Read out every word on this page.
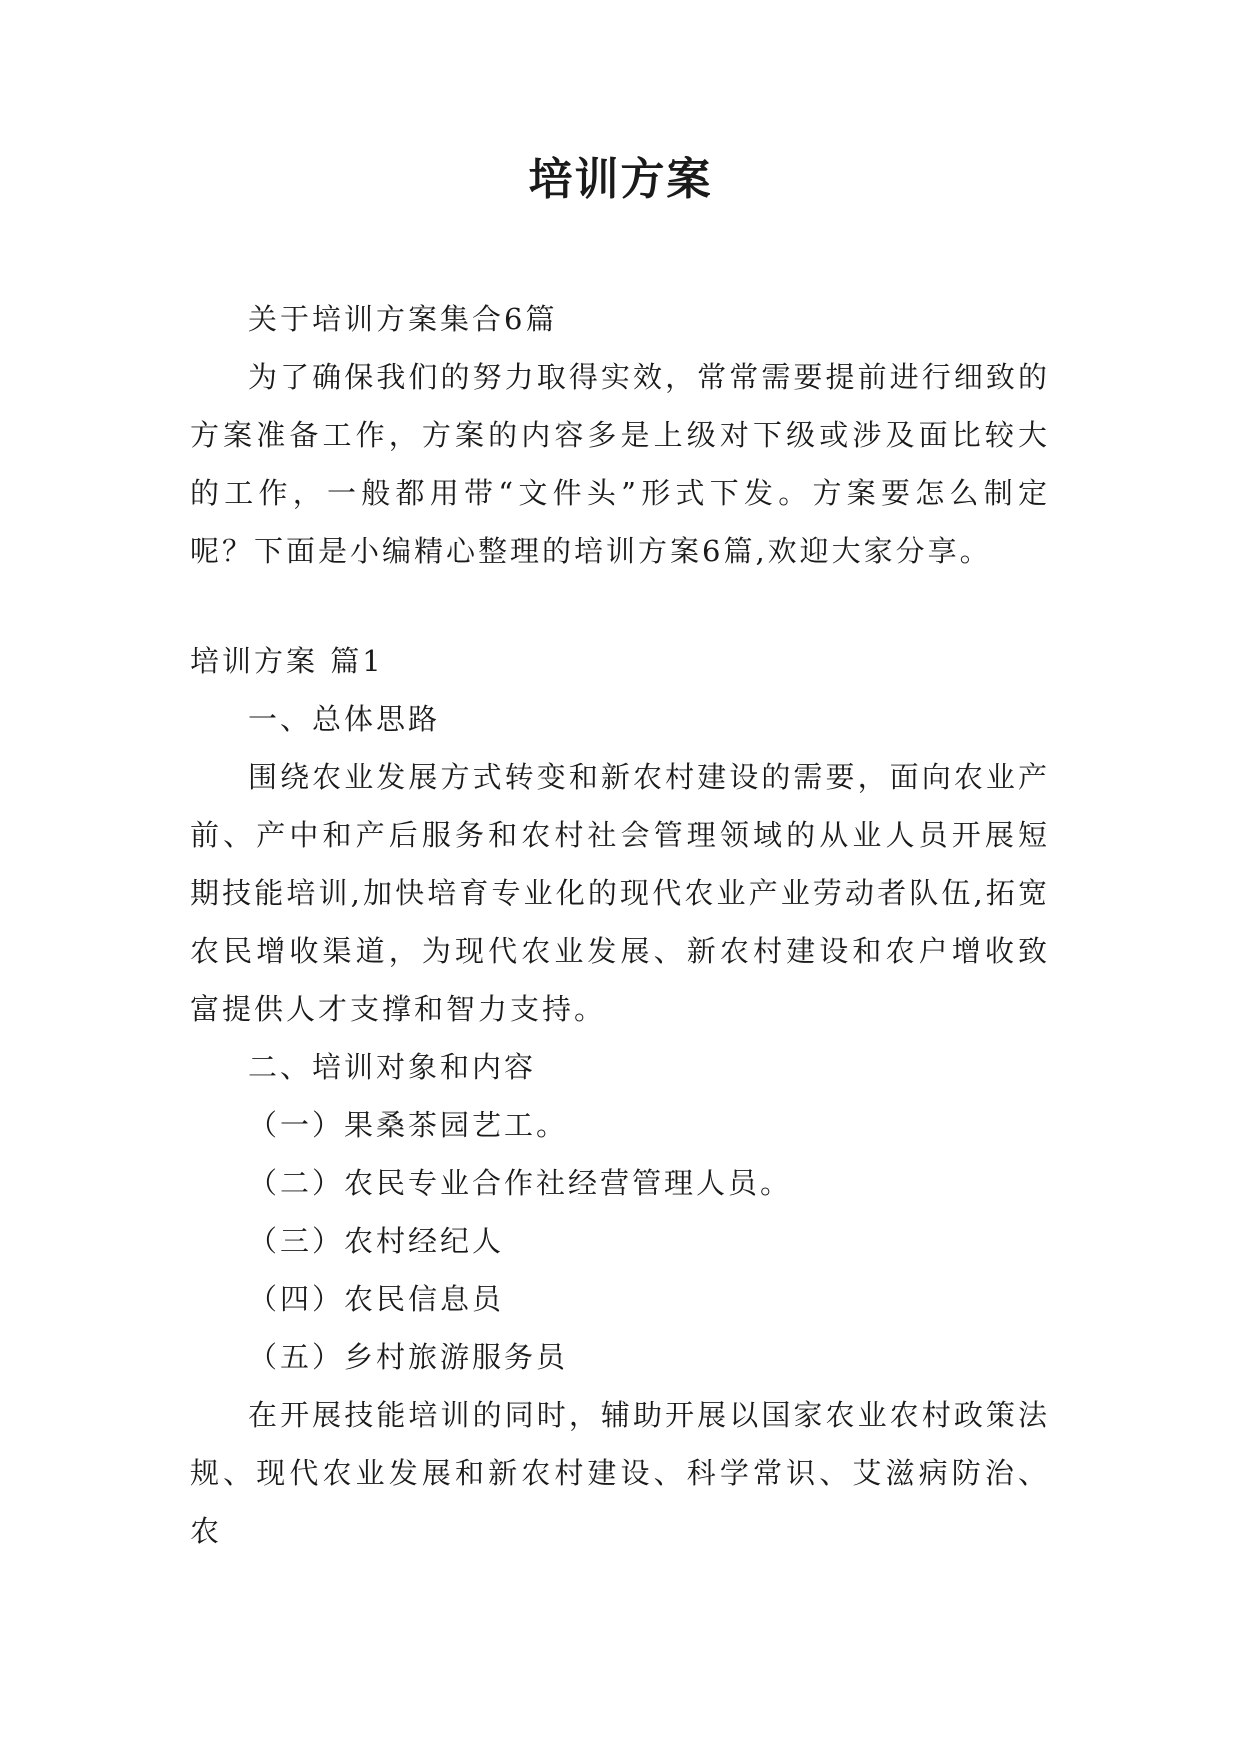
培训方案

关于培训方案集合6篇

为了确保我们的努力取得实效，常常需要提前进行细致的方案准备工作，方案的内容多是上级对下级或涉及面比较大的工作，一般都用带“文件头”形式下发。方案要怎么制定呢？下面是小编精心整理的培训方案6篇,欢迎大家分享。

培训方案 篇1

一、总体思路

围绕农业发展方式转变和新农村建设的需要，面向农业产前、产中和产后服务和农村社会管理领域的从业人员开展短期技能培训,加快培育专业化的现代农业产业劳动者队伍,拓宽农民增收渠道，为现代农业发展、新农村建设和农户增收致富提供人才支撑和智力支持。

二、培训对象和内容

（一）果桑茶园艺工。

（二）农民专业合作社经营管理人员。

（三）农村经纪人

（四）农民信息员

（五）乡村旅游服务员

在开展技能培训的同时，辅助开展以国家农业农村政策法规、现代农业发展和新农村建设、科学常识、艾滋病防治、农
